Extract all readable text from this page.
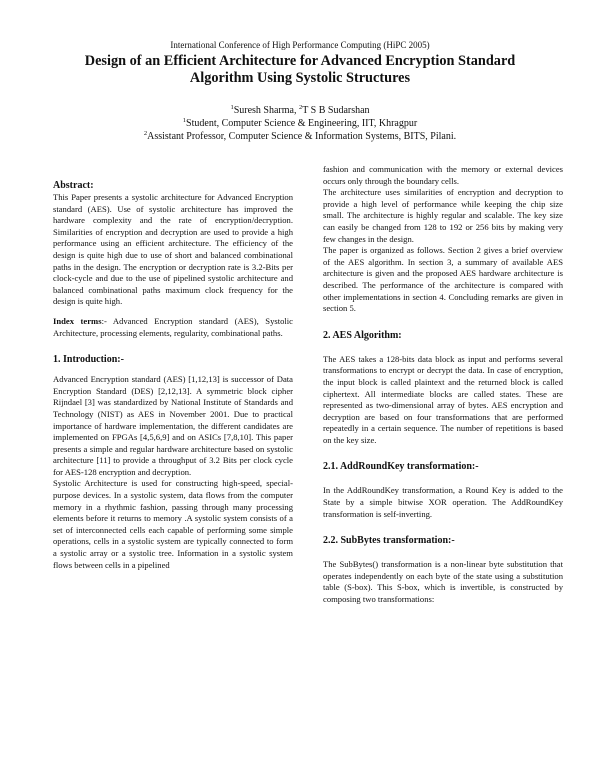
International Conference of High Performance Computing (HiPC 2005)
Design of an Efficient Architecture for Advanced Encryption Standard
Algorithm Using Systolic Structures
$^1$Suresh Sharma, $^2$T S B Sudarshan
$^1$Student, Computer Science & Engineering, IIT, Khragpur
$^2$Assistant Professor, Computer Science & Information Systems, BITS, Pilani.
Abstract:

This Paper presents a systolic architecture for Advanced Encryption standard (AES). Use of systolic architecture has improved the hardware complexity and the rate of encryption/decryption. Similarities of encryption and decryption are used to provide a high performance using an efficient architecture. The efficiency of the design is quite high due to use of short and balanced combinational paths in the design. The encryption or decryption rate is 3.2-Bits per clock-cycle and due to the use of pipelined systolic architecture and balanced combinational paths maximum clock frequency for the design is quite high.

Index terms:- Advanced Encryption standard (AES), Systolic Architecture, processing elements, regularity, combinational paths.

1. Introduction:-

Advanced Encryption standard (AES) [1,12,13] is successor of Data Encryption Standard (DES) [2,12,13]. A symmetric block cipher Rijndael [3] was standardized by National Institute of Standards and Technology (NIST) as AES in November 2001. Due to practical importance of hardware implementation, the different candidates are implemented on FPGAs [4,5,6,9] and on ASICs [7,8,10]. This paper presents a simple and regular hardware architecture based on systolic architecture [11] to provide a throughput of 3.2 Bits per clock cycle for AES-128 encryption and decryption.

Systolic Architecture is used for constructing high-speed, special- purpose devices. In a systolic system, data flows from the computer memory in a rhythmic fashion, passing through many processing elements before it returns to memory .A systolic system consists of a set of interconnected cells each capable of performing some simple operations, cells in a systolic system are typically connected to form a systolic array or a systolic tree. Information in a systolic system flows between cells in a pipelined

fashion and communication with the memory or external devices occurs only through the boundary cells.

The architecture uses similarities of encryption and decryption to provide a high level of performance while keeping the chip size small. The architecture is highly regular and scalable. The key size can easily be changed from 128 to 192 or 256 bits by making very few changes in the design.

The paper is organized as follows. Section 2 gives a brief overview of the AES algorithm. In section 3, a summary of available AES architecture is given and the proposed AES hardware architecture is described. The performance of the architecture is compared with other implementations in section 4. Concluding remarks are given in section 5.

2. AES Algorithm:

The AES takes a 128-bits data block as input and performs several transformations to encrypt or decrypt the data. In case of encryption, the input block is called plaintext and the returned block is called ciphertext. All intermediate blocks are called states. These are represented as two-dimensional array of bytes. AES encryption and decryption are based on four transformations that are performed repeatedly in a certain sequence. The number of repetitions is based on the key size.

2.1. AddRoundKey transformation:-

In the AddRoundKey transformation, a Round Key is added to the State by a simple bitwise XOR operation. The AddRoundKey transformation is self-inverting.

2.2. SubBytes transformation:-

The SubBytes() transformation is a non-linear byte substitution that operates independently on each byte of the state using a substitution table (S-box). This S-box, which is invertible, is constructed by composing two transformations:
